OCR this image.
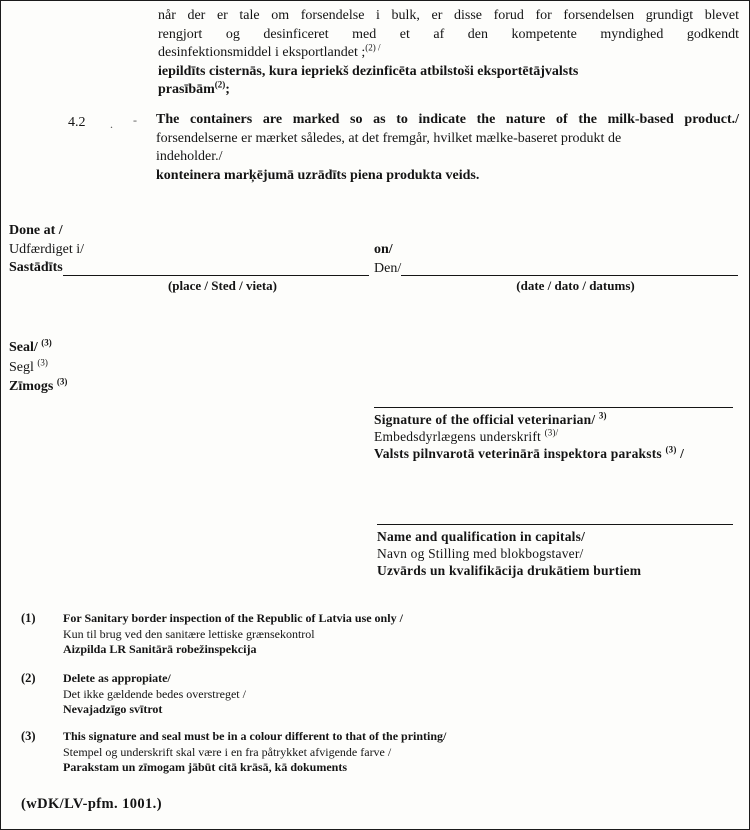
når der er tale om forsendelse i bulk, er disse forud for forsendelsen grundigt blevet
rengjort og desinficeret med et af den kompetente myndighed godkendt
desinfektionsmiddel i eksportlandet ;$^{(2) /}$
iepildīts cisternās, kura iepriekš dezinficēta atbilstoši eksportētājvalsts
prasībām$^{(2)}$;
4.2 . - The containers are marked so as to indicate the nature of the milk-based product./
forsendelserne er mærket således, at det fremgår, hvilket mælke-baseret produkt de
indeholder./
konteinera marķējumā uzrādīts piena produkta veids.
Done at /
Udfærdiget i/
Sastādīts
(place / Sted / vieta)
on/
Den/
(date / dato / datums)
Seal/ $^{(3)}$
Segl $^{(3)}$
Zīmogs $^{(3)}$
Signature of the official veterinarian/ $^{3)}$
Embedsdyrlægens underskrift $^{(3)/}$
Valsts pilnvarotā veterinārā inspektora paraksts $^{(3)}$ /
Name and qualification in capitals/
Navn og Stilling med blokbogstaver/
Uzvārds un kvalifikācija drukātiem burtiem
(1) For Sanitary border inspection of the Republic of Latvia use only /
Kun til brug ved den sanitære lettiske grænsekontrol
Aizpilda LR Sanitārā robežinspekcija
(2) Delete as appropiate/
Det ikke gældende bedes overstreget /
Nevajadzīgo svītrot
(3) This signature and seal must be in a colour different to that of the printing/
Stempel og underskrift skal være i en fra påtrykket afvigende farve /
Parakstam un zīmogam jābūt citā krāsā, kā dokuments
(wDK/LV-pfm. 1001.)
